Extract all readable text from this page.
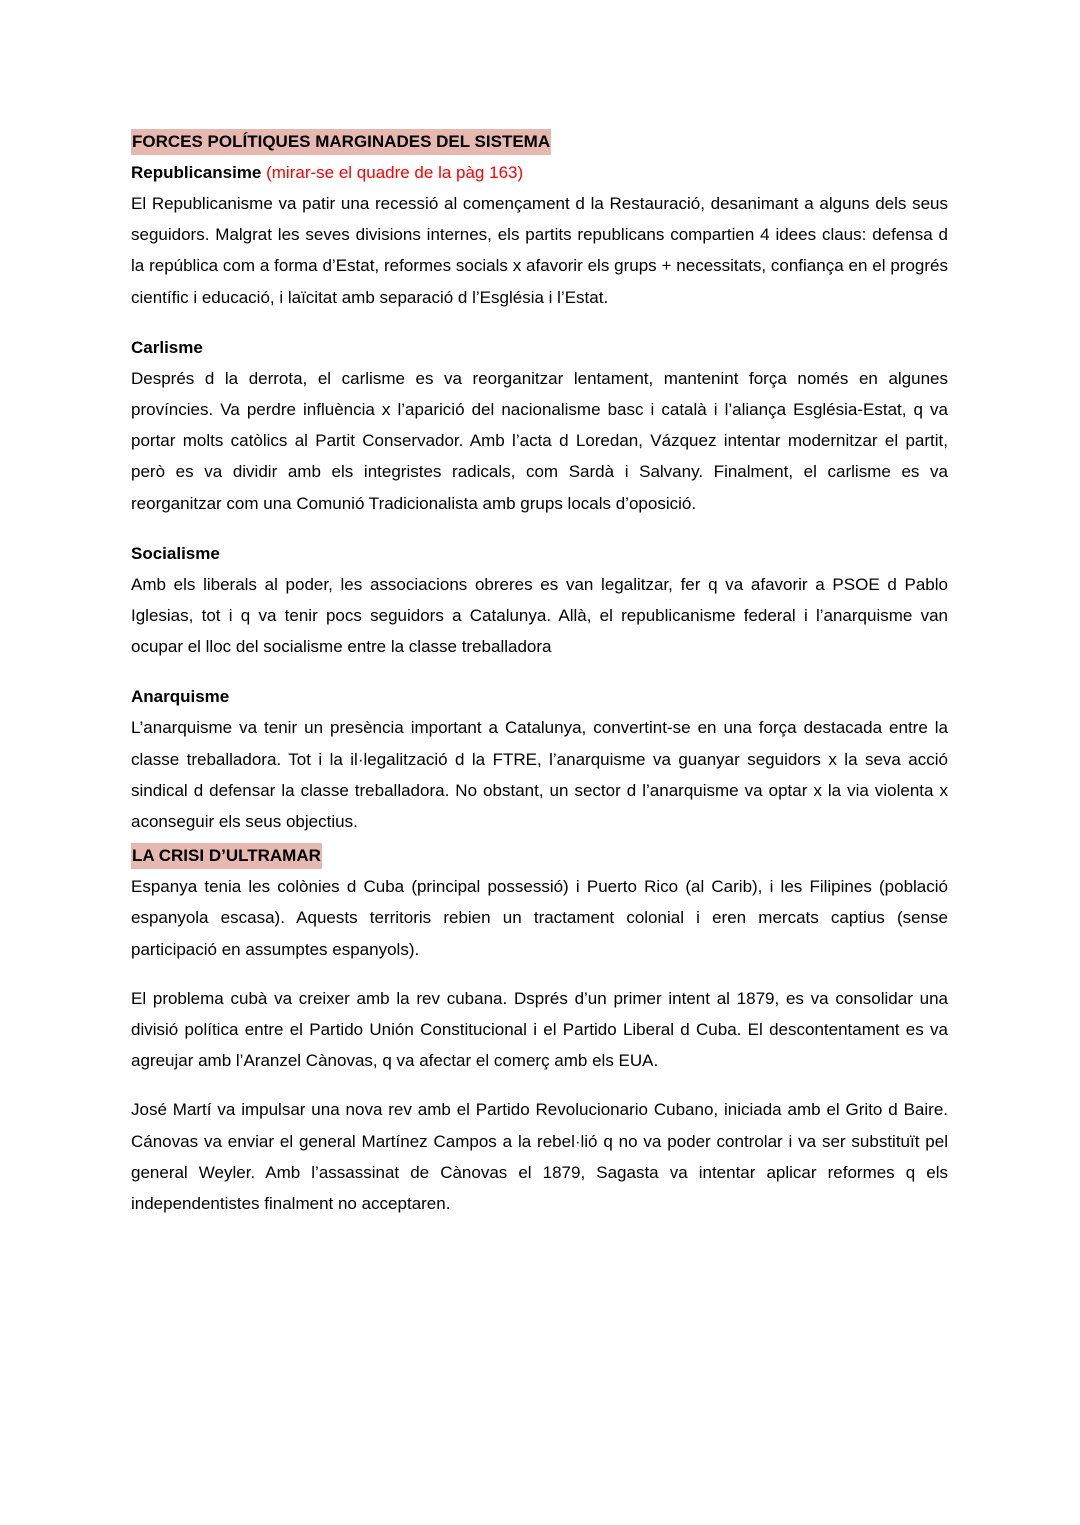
FORCES POLÍTIQUES MARGINADES DEL SISTEMA

Republicansime (mirar-se el quadre de la pàg 163)

El Republicanisme va patir una recessió al començament d la Restauració, desanimant a alguns dels seus seguidors. Malgrat les seves divisions internes, els partits republicans compartien 4 idees claus: defensa d la república com a forma d’Estat, reformes socials x afavorir els grups + necessitats, confiança en el progrés científic i educació, i laïcitat amb separació d l’Església i l’Estat.

Carlisme

Després d la derrota, el carlisme es va reorganitzar lentament, mantenint força només en algunes províncies. Va perdre influència x l’aparició del nacionalisme basc i català i l’aliança Església-Estat, q va portar molts catòlics al Partit Conservador. Amb l’acta d Loredan, Vázquez intentar modernitzar el partit, però es va dividir amb els integristes radicals, com Sardà i Salvany. Finalment, el carlisme es va reorganitzar com una Comunió Tradicionalista amb grups locals d’oposició.

Socialisme

Amb els liberals al poder, les associacions obreres es van legalitzar, fer q va afavorir a PSOE d Pablo Iglesias, tot i q va tenir pocs seguidors a Catalunya. Allà, el republicanisme federal i l’anarquisme van ocupar el lloc del socialisme entre la classe treballadora

Anarquisme

L’anarquisme va tenir un presència important a Catalunya, convertint-se en una força destacada entre la classe treballadora. Tot i la il·legalització d la FTRE, l’anarquisme va guanyar seguidors x la seva acció sindical d defensar la classe treballadora. No obstant, un sector d l’anarquisme va optar x la via violenta x aconseguir els seus objectius.

LA CRISI D’ULTRAMAR

Espanya tenia les colònies d Cuba (principal possessió) i Puerto Rico (al Carib), i les Filipines (població espanyola escasa). Aquests territoris rebien un tractament colonial i eren mercats captius (sense participació en assumptes espanyols).

El problema cubà va creixer amb la rev cubana. Dsprés d’un primer intent al 1879, es va consolidar una divisió política entre el Partido Unión Constitucional i el Partido Liberal d Cuba. El descontentament es va agreujar amb l’Aranzel Cànovas, q va afectar el comerç amb els EUA.

José Martí va impulsar una nova rev amb el Partido Revolucionario Cubano, iniciada amb el Grito d Baire. Cánovas va enviar el general Martínez Campos a la rebel·lió q no va poder controlar i va ser substituït pel general Weyler. Amb l’assassinat de Cànovas el 1879, Sagasta va intentar aplicar reformes q els independentistes finalment no acceptaren.
